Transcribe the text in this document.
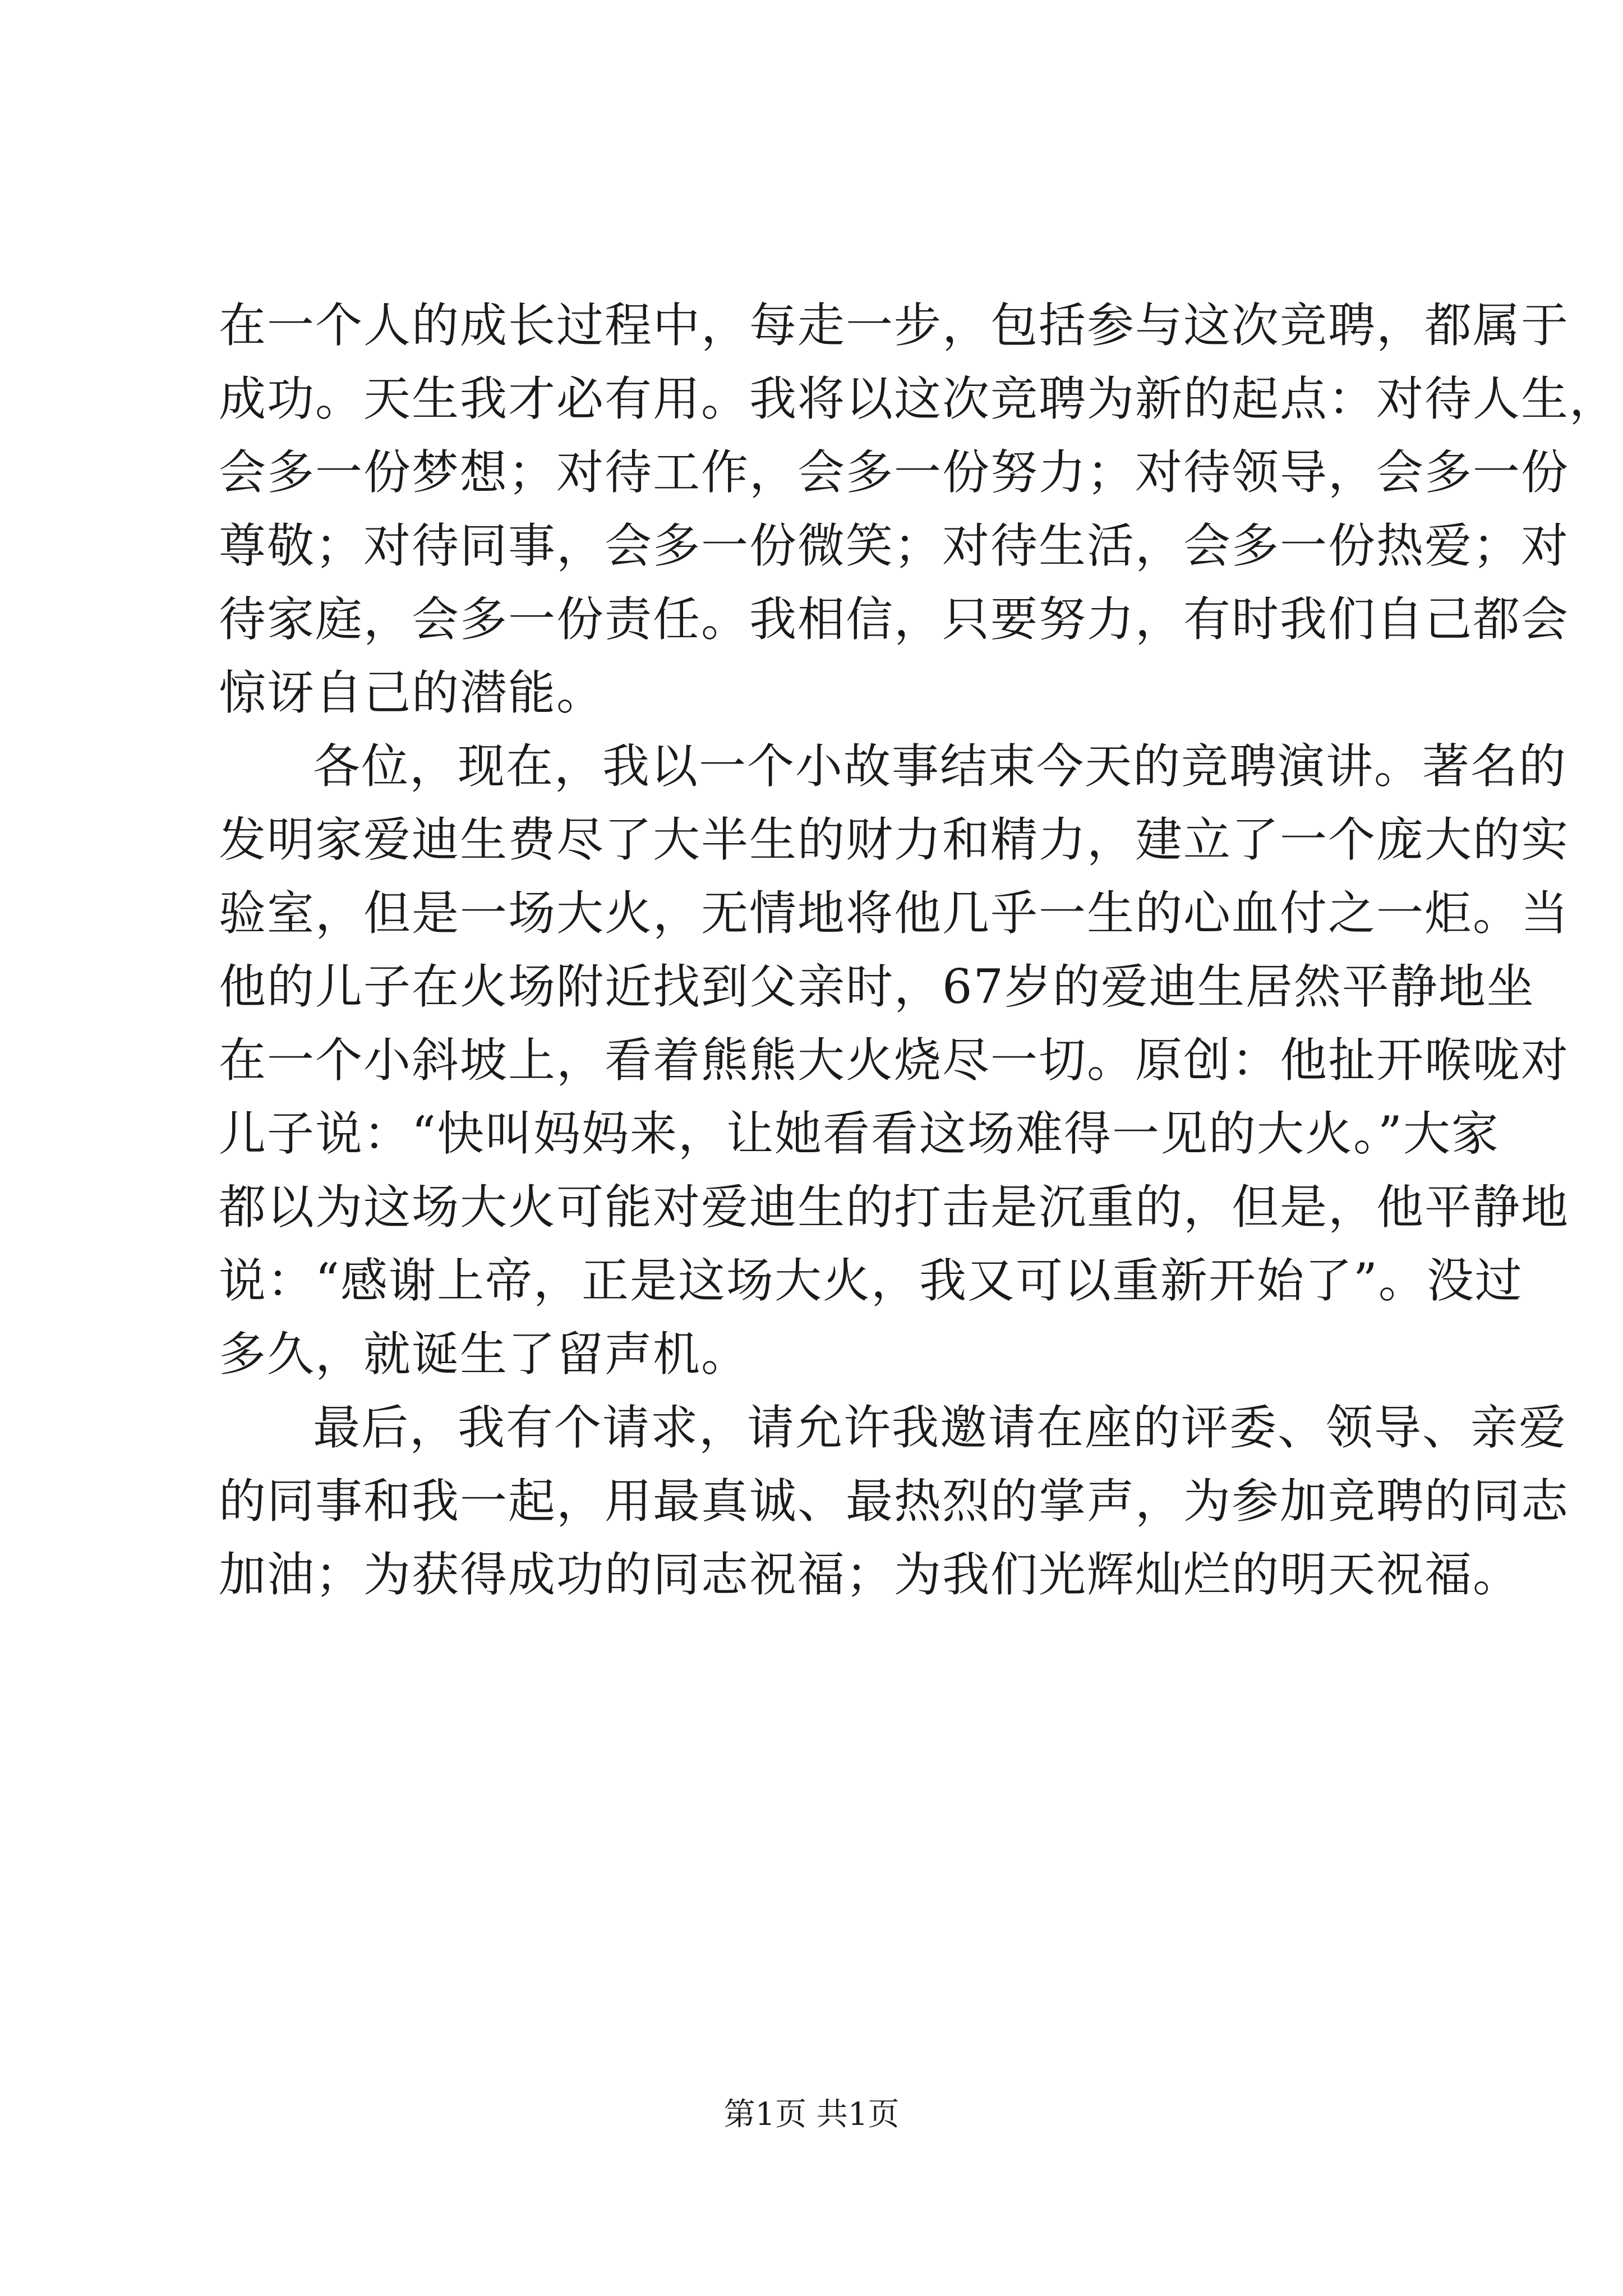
在一个人的成长过程中，每走一步，包括参与这次竞聘，都属于
成功。天生我才必有用。我将以这次竞聘为新的起点：对待人生，
会多一份梦想；对待工作，会多一份努力；对待领导，会多一份
尊敬；对待同事，会多一份微笑；对待生活，会多一份热爱；对
待家庭，会多一份责任。我相信，只要努力，有时我们自己都会
惊讶自己的潜能。
各位，现在，我以一个小故事结束今天的竞聘演讲。著名的
发明家爱迪生费尽了大半生的财力和精力，建立了一个庞大的实
验室，但是一场大火，无情地将他几乎一生的心血付之一炬。当
他的儿子在火场附近找到父亲时，67岁的爱迪生居然平静地坐
在一个小斜坡上，看着熊熊大火烧尽一切。原创：他扯开喉咙对
儿子说：“快叫妈妈来，让她看看这场难得一见的大火。”大家
都以为这场大火可能对爱迪生的打击是沉重的，但是，他平静地
说：“感谢上帝，正是这场大火，我又可以重新开始了”。没过
多久，就诞生了留声机。
最后，我有个请求，请允许我邀请在座的评委、领导、亲爱
的同事和我一起，用最真诚、最热烈的掌声，为参加竞聘的同志
加油；为获得成功的同志祝福；为我们光辉灿烂的明天祝福。
第1页 共1页
